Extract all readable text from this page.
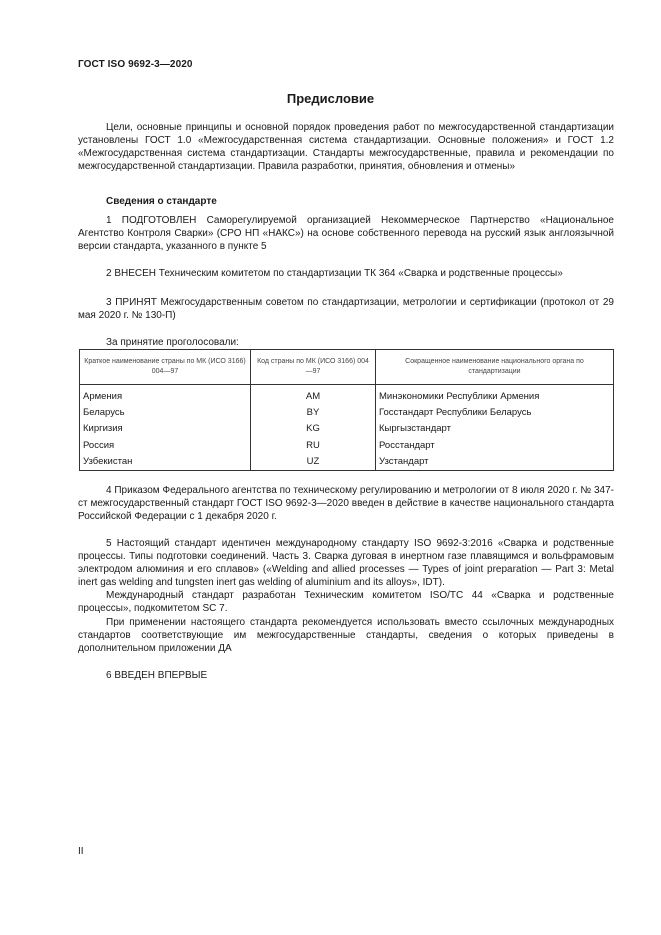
ГОСТ ISO 9692-3—2020
Предисловие

Цели, основные принципы и основной порядок проведения работ по межгосударственной стандартизации установлены ГОСТ 1.0 «Межгосударственная система стандартизации. Основные положения» и ГОСТ 1.2 «Межгосударственная система стандартизации. Стандарты межгосударственные, правила и рекомендации по межгосударственной стандартизации. Правила разработки, принятия, обновления и отмены»

Сведения о стандарте

1 ПОДГОТОВЛЕН Саморегулируемой организацией Некоммерческое Партнерство «Национальное Агентство Контроля Сварки» (СРО НП «НАКС») на основе собственного перевода на русский язык англоязычной версии стандарта, указанного в пункте 5

2 ВНЕСЕН Техническим комитетом по стандартизации ТК 364 «Сварка и родственные процессы»

3 ПРИНЯТ Межгосударственным советом по стандартизации, метрологии и сертификации (протокол от 29 мая 2020 г. № 130-П)

За принятие проголосовали:

Краткое наименование страны по МК (ИСО 3166) 004—97	Код страны по МК (ИСО 3166) 004—97	Сокращенное наименование национального органа по стандартизации

Армения	AM	Минэкономики Республики Армения
Беларусь	BY	Госстандарт Республики Беларусь
Киргизия	KG	Кыргызстандарт
Россия	RU	Росстандарт
Узбекистан	UZ	Узстандарт

4 Приказом Федерального агентства по техническому регулированию и метрологии от 8 июля 2020 г. № 347-ст межгосударственный стандарт ГОСТ ISO 9692-3—2020 введен в действие в качестве национального стандарта Российской Федерации с 1 декабря 2020 г.

5 Настоящий стандарт идентичен международному стандарту ISO 9692-3:2016 «Сварка и родственные процессы. Типы подготовки соединений. Часть 3. Сварка дуговая в инертном газе плавящимся и вольфрамовым электродом алюминия и его сплавов» («Welding and allied processes — Types of joint preparation — Part 3: Metal inert gas welding and tungsten inert gas welding of aluminium and its alloys», IDT).

Международный стандарт разработан Техническим комитетом ISO/TC 44 «Сварка и родственные процессы», подкомитетом SC 7.

При применении настоящего стандарта рекомендуется использовать вместо ссылочных международных стандартов соответствующие им межгосударственные стандарты, сведения о которых приведены в дополнительном приложении ДА

6 ВВЕДЕН ВПЕРВЫЕ

II
